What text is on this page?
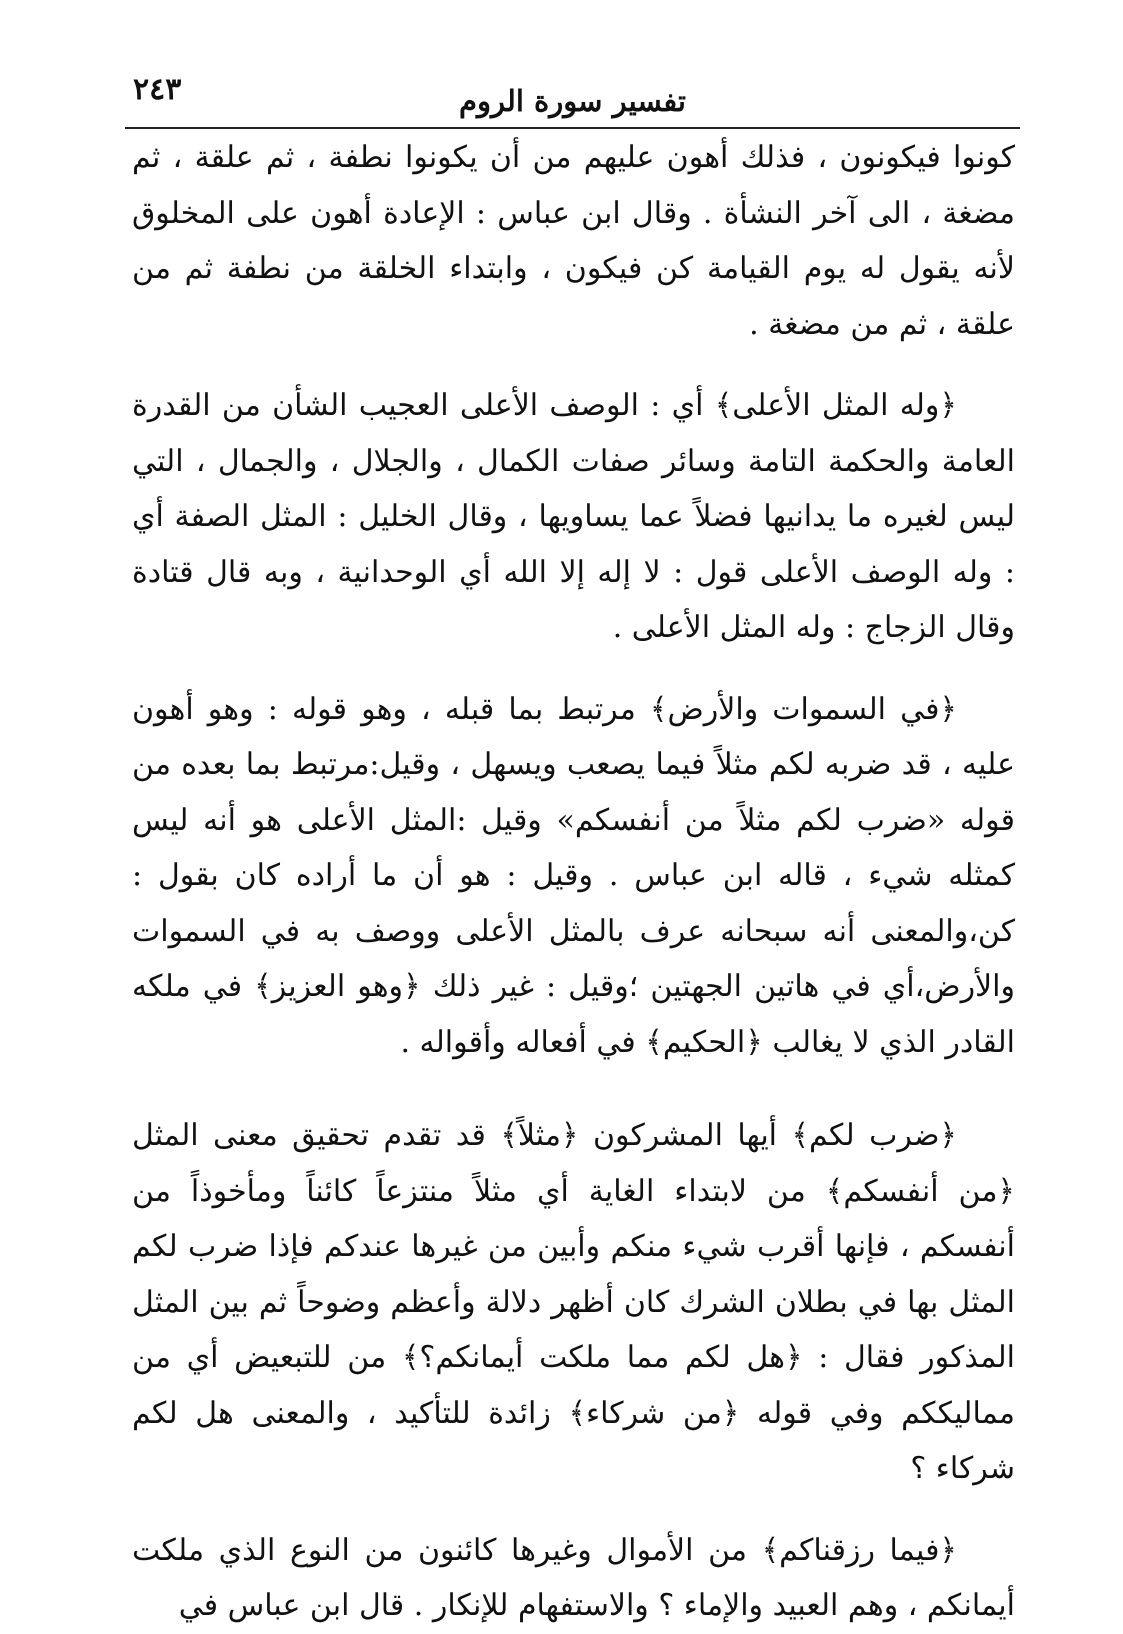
٢٤٣	تفسير سورة الروم

كونوا فيكونون ، فذلك أهون عليهم من أن يكونوا نطفة ، ثم علقة ، ثم مضغة ، الى آخر النشأة . وقال ابن عباس : الإعادة أهون على المخلوق لأنه يقول له يوم القيامة كن فيكون ، وابتداء الخلقة من نطفة ثم من علقة ، ثم من مضغة .

﴿وله المثل الأعلى﴾ أي : الوصف الأعلى العجيب الشأن من القدرة العامة والحكمة التامة وسائر صفات الكمال ، والجلال ، والجمال ، التي ليس لغيره ما يدانيها فضلاً عما يساويها ، وقال الخليل : المثل الصفة أي : وله الوصف الأعلى قول : لا إله إلا الله أي الوحدانية ، وبه قال قتادة وقال الزجاج : وله المثل الأعلى .

﴿في السموات والأرض﴾ مرتبط بما قبله ، وهو قوله : وهو أهون عليه ، قد ضربه لكم مثلاً فيما يصعب ويسهل ، وقيل:مرتبط بما بعده من قوله «ضرب لكم مثلاً من أنفسكم» وقيل :المثل الأعلى هو أنه ليس كمثله شيء ، قاله ابن عباس . وقيل : هو أن ما أراده كان بقول : كن،والمعنى أنه سبحانه عرف بالمثل الأعلى ووصف به في السموات والأرض،أي في هاتين الجهتين ؛وقيل : غير ذلك ﴿وهو العزيز﴾ في ملكه القادر الذي لا يغالب ﴿الحكيم﴾ في أفعاله وأقواله .

﴿ضرب لكم﴾ أيها المشركون ﴿مثلاً﴾ قد تقدم تحقيق معنى المثل ﴿من أنفسكم﴾ من لابتداء الغاية أي مثلاً منتزعاً كائناً ومأخوذاً من أنفسكم ، فإنها أقرب شيء منكم وأبين من غيرها عندكم فإذا ضرب لكم المثل بها في بطلان الشرك كان أظهر دلالة وأعظم وضوحاً ثم بين المثل المذكور فقال : ﴿هل لكم مما ملكت أيمانكم؟﴾ من للتبعيض أي من مماليككم وفي قوله ﴿من شركاء﴾ زائدة للتأكيد ، والمعنى هل لكم شركاء ؟

﴿فيما رزقناكم﴾ من الأموال وغيرها كائنون من النوع الذي ملكت أيمانكم ، وهم العبيد والإماء ؟ والاستفهام للإنكار . قال ابن عباس في
